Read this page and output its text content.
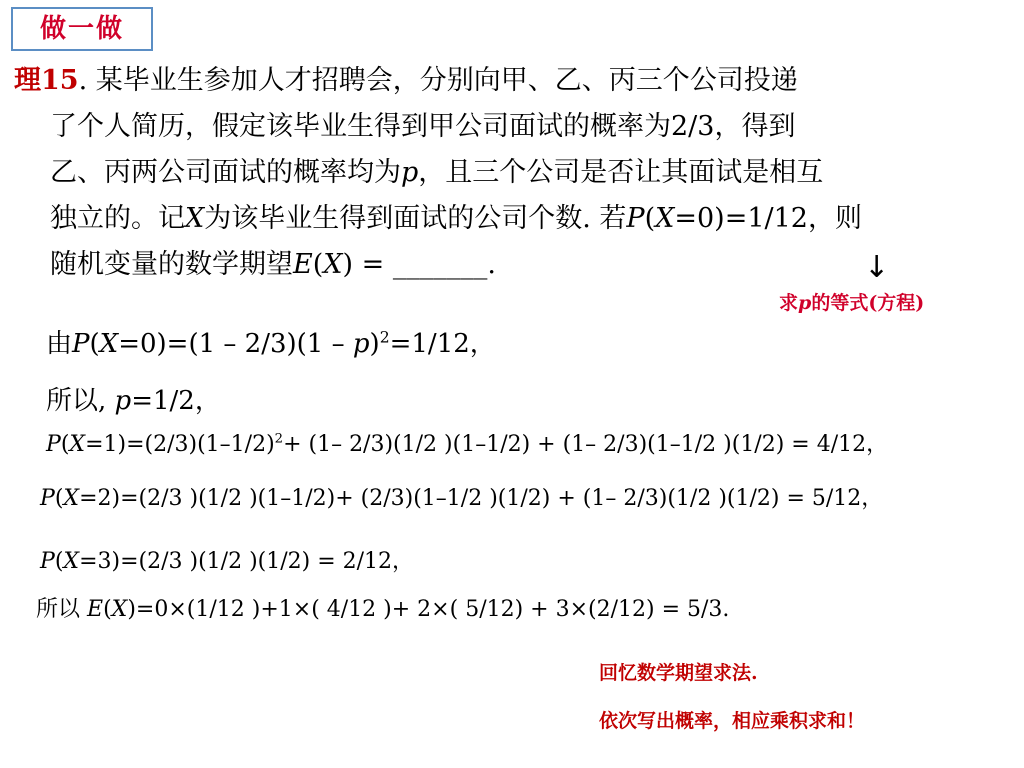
做一做
理15. 某毕业生参加人才招聘会，分别向甲、乙、丙三个公司投递
了个人简历，假定该毕业生得到甲公司面试的概率为2/3，得到
乙、丙两公司面试的概率均为p，且三个公司是否让其面试是相互
独立的。记X为该毕业生得到面试的公司个数. 若P(X=0)=1/12，则
随机变量的数学期望E(X) = _______.	↓
求p的等式(方程)
由P(X=0)=(1 – 2/3)(1 – p)$^2$=1/12，
所以, p=1/2，
$P(X=1)=(2/3)(1-1/2)^2+ (1-$ 2/3)(1/2 )(1–1/2) + (1– 2/3)(1–1/2 )(1/2) = 4/12，
P(X=2)=(2/3 )(1/2 )(1–1/2)+ (2/3)(1–1/2 )(1/2) + (1– 2/3)(1/2 )(1/2) = 5/12，
P(X=3)=(2/3 )(1/2 )(1/2) = 2/12，
所以 E(X)=0×(1/12 )+1×( 4/12 )+ 2×( 5/12) + 3×(2/12) = 5/3.
回忆数学期望求法.
依次写出概率，相应乘积求和！
